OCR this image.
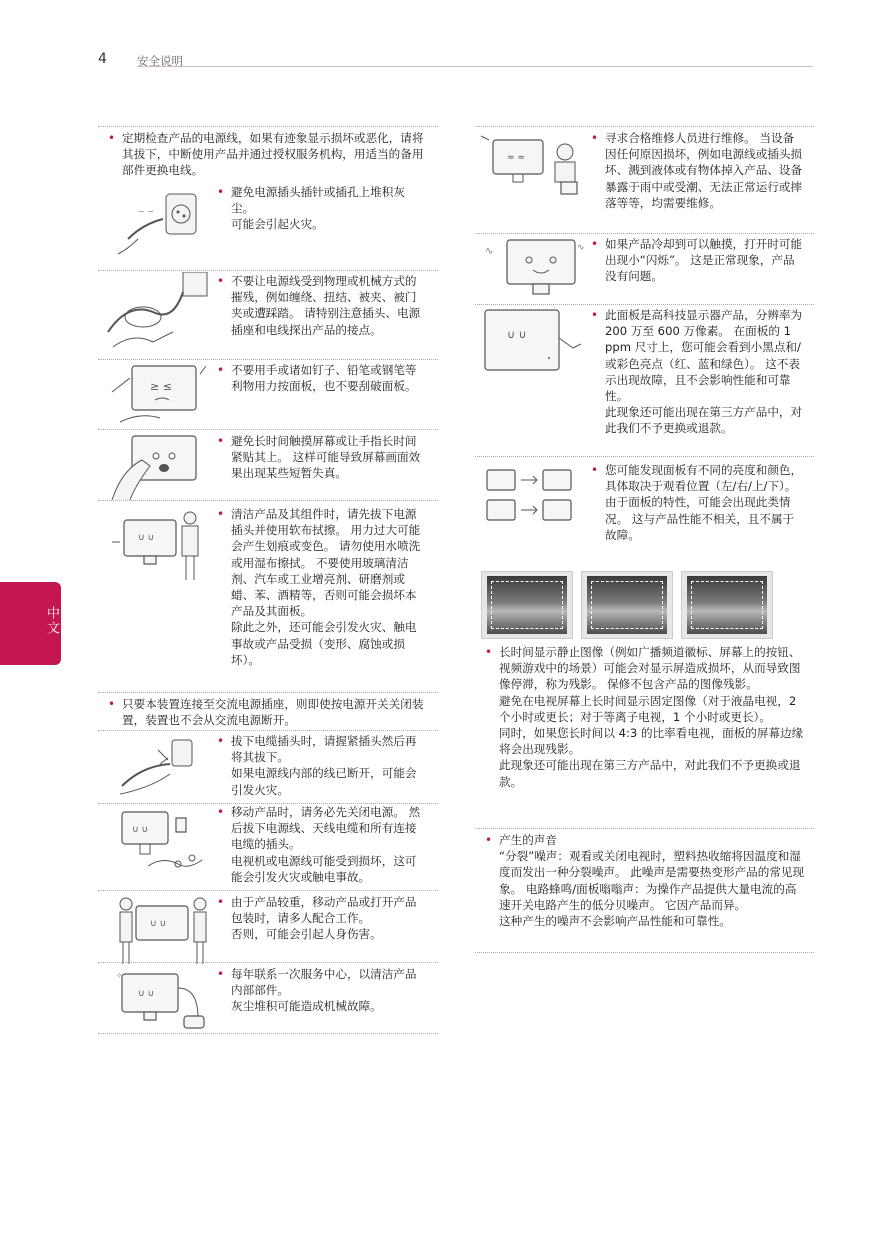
4	安全说明
中文
• 定期检查产品的电源线，如果有迹象显示损坏或恶化，请将其拔下，中断使用产品并通过授权服务机构，用适当的备用部件更换电线。
~ ~
• 避免电源插头插针或插孔上堆积灰尘。
可能会引起火灾。
• 不要让电源线受到物理或机械方式的摧残，例如缠绕、扭结、被夹、被门夹或遭踩踏。 请特别注意插头、电源插座和电线探出产品的接点。
≥ ≤
• 不要用手或诸如钉子、铅笔或钢笔等利物用力按面板，也不要刮破面板。
• 避免长时间触摸屏幕或让手指长时间紧贴其上。 这样可能导致屏幕画面效果出现某些短暂失真。
∪ ∪
• 清洁产品及其组件时，请先拔下电源插头并使用软布拭擦。 用力过大可能会产生划痕或变色。 请勿使用水喷洗或用湿布擦拭。 不要使用玻璃清洁剂、汽车或工业增亮剂、研磨剂或蜡、苯、酒精等，否则可能会损坏本产品及其面板。
除此之外，还可能会引发火灾、触电事故或产品受损（变形、腐蚀或损坏）。
• 只要本装置连接至交流电源插座，则即使按电源开关关闭装置，装置也不会从交流电源断开。
• 拔下电缆插头时，请握紧插头然后再将其拔下。
如果电源线内部的线已断开，可能会引发火灾。
∪ ∪
• 移动产品时，请务必先关闭电源。 然后拔下电源线、天线电缆和所有连接电缆的插头。
电视机或电源线可能受到损坏，这可能会引发火灾或触电事故。
∪ ∪
• 由于产品较重，移动产品或打开产品包装时，请多人配合工作。
否则，可能会引起人身伤害。
∪ ∪
✧	• 每年联系一次服务中心，以清洁产品内部部件。
灰尘堆积可能造成机械故障。
≈ ≈
• 寻求合格维修人员进行维修。 当设备因任何原因损坏，例如电源线或插头损坏、溅到液体或有物体掉入产品、设备暴露于雨中或受潮、无法正常运行或摔落等等，均需要维修。
∿	∿ • 如果产品冷却到可以触摸，打开时可能出现小“闪烁”。 这是正常现象，产品没有问题。
∪ ∪
• 此面板是高科技显示器产品，分辨率为 200 万至 600 万像素。 在面板的 1 ppm 尺寸上，您可能会看到小黑点和/或彩色亮点（红、蓝和绿色）。 这不表示出现故障，且不会影响性能和可靠性。
此现象还可能出现在第三方产品中，对此我们不予更换或退款。
• 您可能发现面板有不同的亮度和颜色，具体取决于观看位置（左/右/上/下）。
由于面板的特性，可能会出现此类情况。 这与产品性能不相关，且不属于故障。
• 长时间显示静止图像（例如广播频道徽标、屏幕上的按钮、视频游戏中的场景）可能会对显示屏造成损坏，从而导致图像停滞，称为残影。 保修不包含产品的图像残影。
避免在电视屏幕上长时间显示固定图像（对于液晶电视，2 个小时或更长；对于等离子电视，1 个小时或更长）。
同时，如果您长时间以 4:3 的比率看电视，面板的屏幕边缘将会出现残影。
此现象还可能出现在第三方产品中，对此我们不予更换或退款。
• 产生的声音
“分裂”噪声：观看或关闭电视时，塑料热收缩将因温度和湿度而发出一种分裂噪声。 此噪声是需要热变形产品的常见现象。 电路蜂鸣/面板嗡嗡声：为操作产品提供大量电流的高速开关电路产生的低分贝噪声。 它因产品而异。
这种产生的噪声不会影响产品性能和可靠性。
